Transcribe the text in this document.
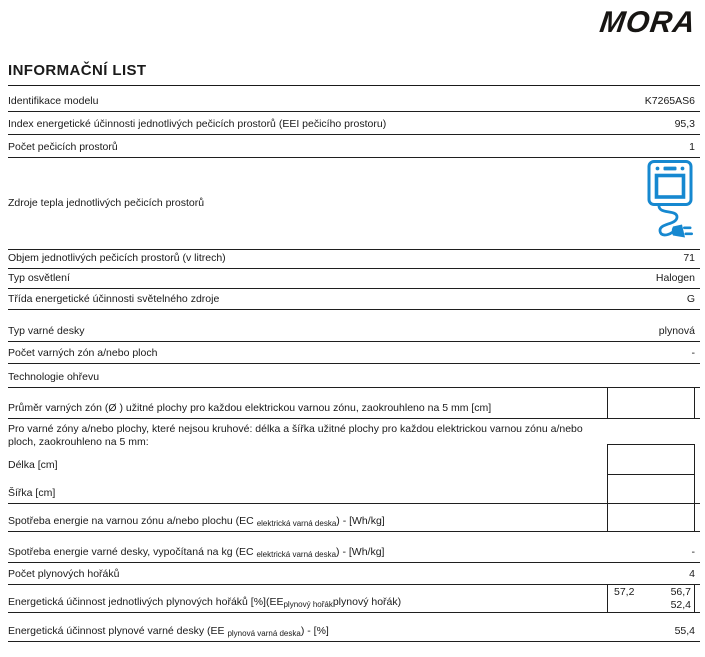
MORA
INFORMAČNÍ LIST
Identifikace modelu	K7265AS6
Index energetické účinnosti jednotlivých pečicích prostorů (EEI pečicího prostoru)	95,3
Počet pečicích prostorů	1
Zdroje tepla jednotlivých pečicích prostorů
Objem jednotlivých pečicích prostorů (v litrech)	71
Typ osvětlení	Halogen
Třída energetické účinnosti světelného zdroje	G
Typ varné desky	plynová
Počet varných zón a/nebo ploch	-
Technologie ohřevu
Průměr varných zón (Ø ) užitné plochy pro každou elektrickou varnou zónu, zaokrouhleno na 5 mm [cm]
Pro varné zóny a/nebo plochy, které nejsou kruhové: délka a šířka užitné plochy pro každou elektrickou varnou zónu a/nebo ploch, zaokrouhleno na 5 mm:
Délka [cm]
Šířka [cm]
Spotřeba energie na varnou zónu a/nebo plochu (EC $_{elektrická varná deska}$) - [Wh/kg]
Spotřeba energie varné desky, vypočítaná na kg (EC $_{elektrická varná deska}$) - [Wh/kg]	-
Počet plynových hořáků	4
Energetická účinnost jednotlivých plynových hořáků $[\%](EE_{plynový hořák}plynový$ hořák)
57,2	56,7
52,4
Energetická účinnost plynové varné desky (EE $_{plynová varná deska}$) - [%]	55,4
